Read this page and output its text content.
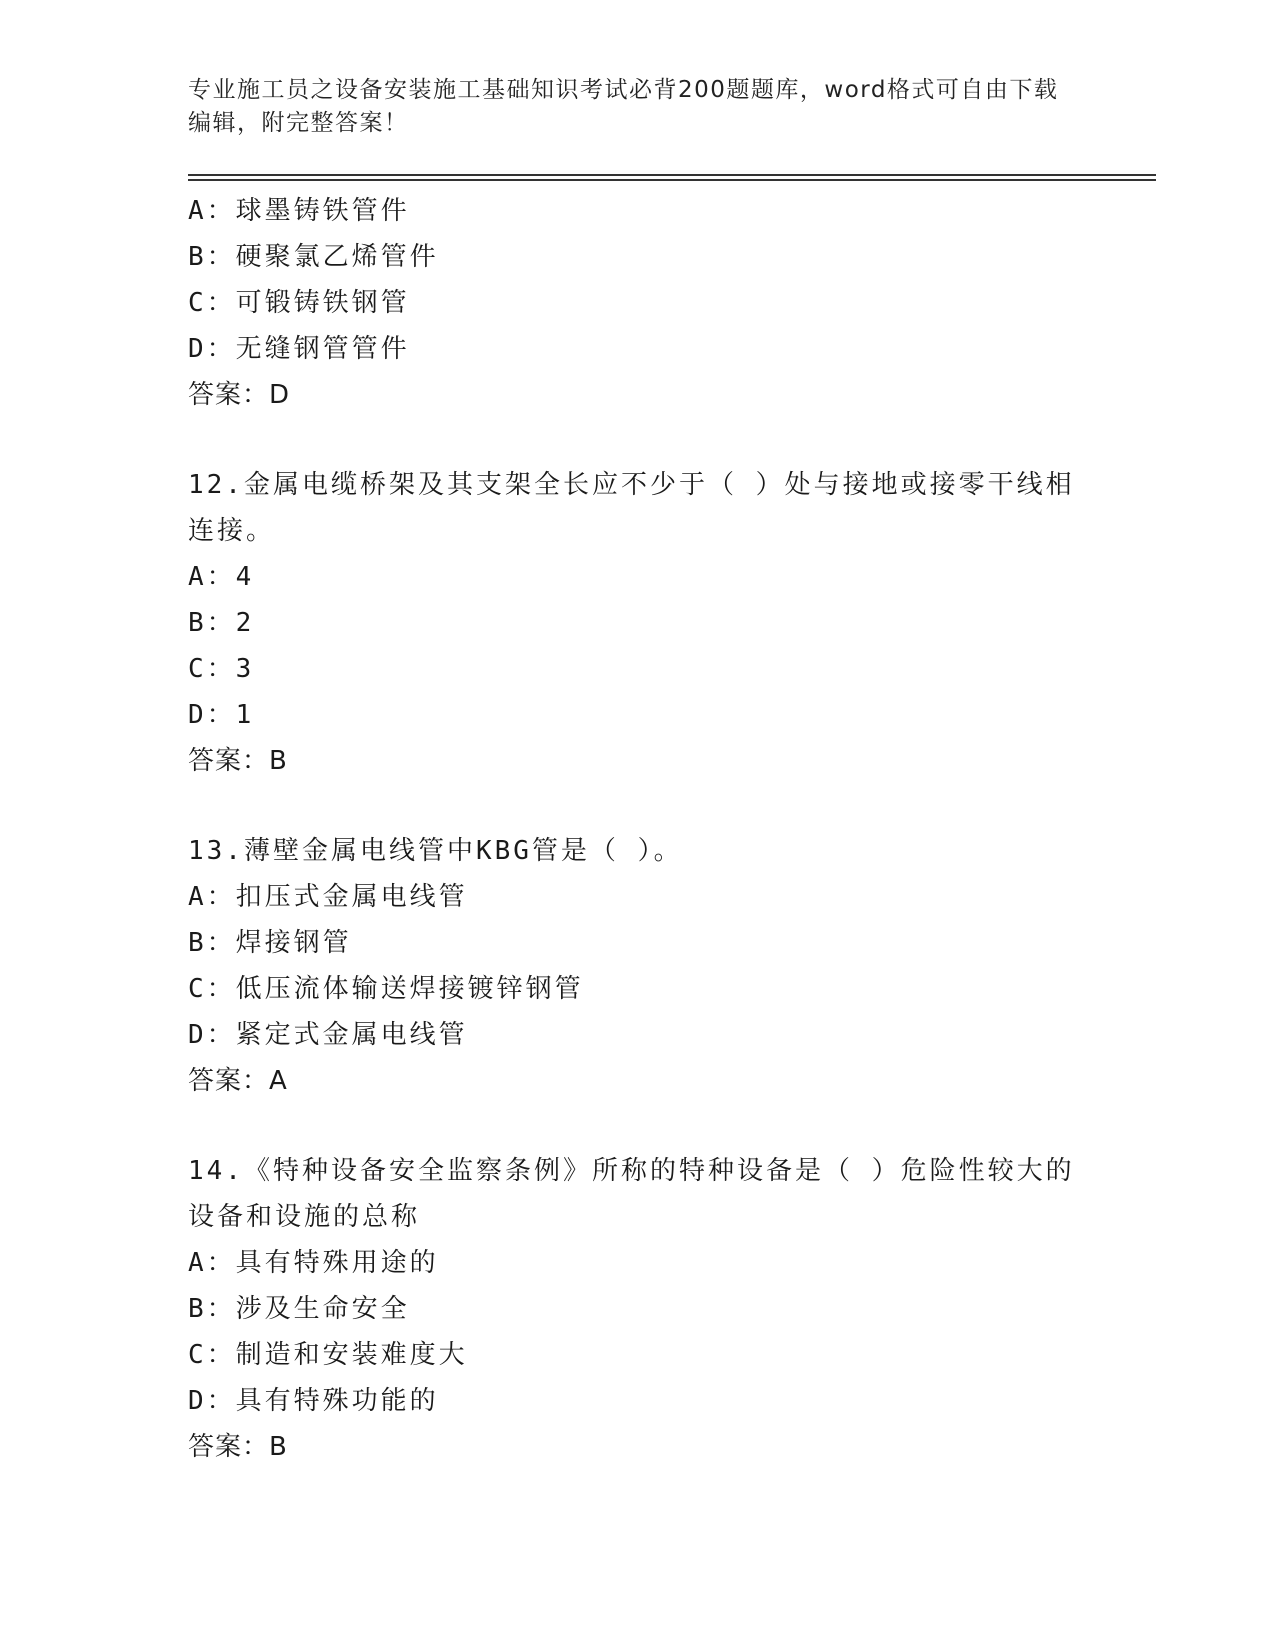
专业施工员之设备安装施工基础知识考试必背200题题库，word格式可自由下载
编辑，附完整答案！
A：球墨铸铁管件
B：硬聚氯乙烯管件
C：可锻铸铁钢管
D：无缝钢管管件
答案：D
12.金属电缆桥架及其支架全长应不少于（ ）处与接地或接零干线相
连接。
A：4
B：2
C：3
D：1
答案：B
13.薄壁金属电线管中KBG管是（ ）。
A：扣压式金属电线管
B：焊接钢管
C：低压流体输送焊接镀锌钢管
D：紧定式金属电线管
答案：A
14.《特种设备安全监察条例》所称的特种设备是（ ）危险性较大的
设备和设施的总称
A：具有特殊用途的
B：涉及生命安全
C：制造和安装难度大
D：具有特殊功能的
答案：B
